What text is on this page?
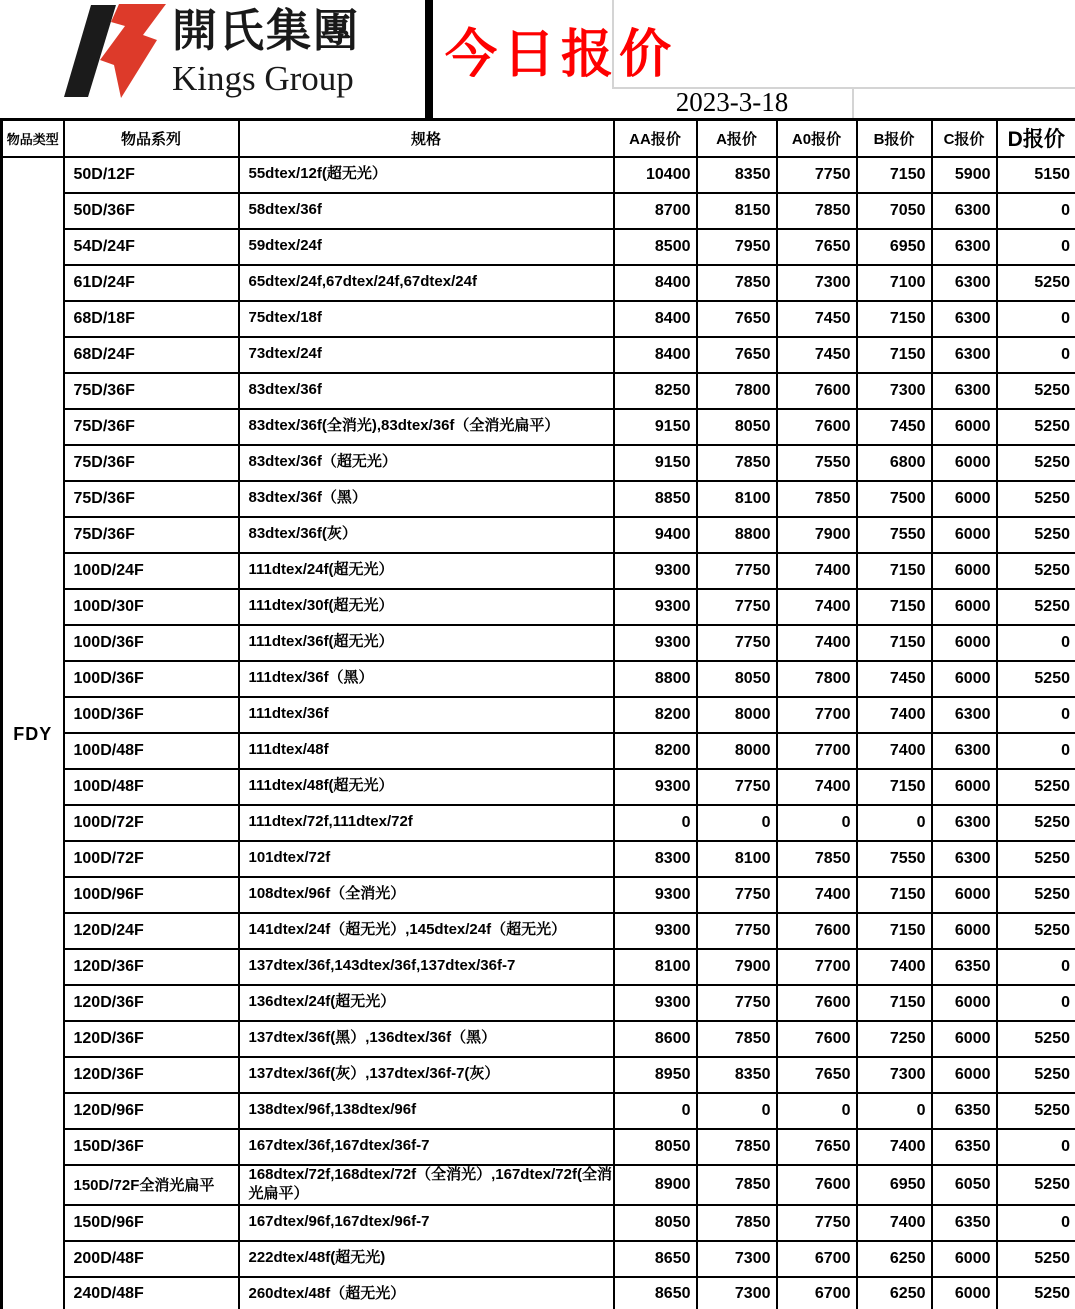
開氏集團
Kings Group	今日报价
2023-3-18
物品类型	物品系列	规格	AA报价	A报价	A0报价	B报价	C报价	D报价
FDY	50D/12F	55dtex/12f(超无光）	10400	8350	7750	7150	5900	5150
	50D/36F	58dtex/36f	8700	8150	7850	7050	6300	0
	54D/24F	59dtex/24f	8500	7950	7650	6950	6300	0
	61D/24F	65dtex/24f,67dtex/24f,67dtex/24f	8400	7850	7300	7100	6300	5250
	68D/18F	75dtex/18f	8400	7650	7450	7150	6300	0
	68D/24F	73dtex/24f	8400	7650	7450	7150	6300	0
	75D/36F	83dtex/36f	8250	7800	7600	7300	6300	5250
	75D/36F	83dtex/36f(全消光),83dtex/36f（全消光扁平）	9150	8050	7600	7450	6000	5250
	75D/36F	83dtex/36f（超无光）	9150	7850	7550	6800	6000	5250
	75D/36F	83dtex/36f（黑）	8850	8100	7850	7500	6000	5250
	75D/36F	83dtex/36f(灰）	9400	8800	7900	7550	6000	5250
	100D/24F	111dtex/24f(超无光）	9300	7750	7400	7150	6000	5250
	100D/30F	111dtex/30f(超无光）	9300	7750	7400	7150	6000	5250
	100D/36F	111dtex/36f(超无光）	9300	7750	7400	7150	6000	0
	100D/36F	111dtex/36f（黑）	8800	8050	7800	7450	6000	5250
	100D/36F	111dtex/36f	8200	8000	7700	7400	6300	0
	100D/48F	111dtex/48f	8200	8000	7700	7400	6300	0
	100D/48F	111dtex/48f(超无光）	9300	7750	7400	7150	6000	5250
	100D/72F	111dtex/72f,111dtex/72f	0	0	0	0	6300	5250
	100D/72F	101dtex/72f	8300	8100	7850	7550	6300	5250
	100D/96F	108dtex/96f（全消光）	9300	7750	7400	7150	6000	5250
	120D/24F	141dtex/24f（超无光）,145dtex/24f（超无光）	9300	7750	7600	7150	6000	5250
	120D/36F	137dtex/36f,143dtex/36f,137dtex/36f-7	8100	7900	7700	7400	6350	0
	120D/36F	136dtex/24f(超无光）	9300	7750	7600	7150	6000	0
	120D/36F	137dtex/36f(黑）,136dtex/36f（黑）	8600	7850	7600	7250	6000	5250
	120D/36F	137dtex/36f(灰）,137dtex/36f-7(灰）	8950	8350	7650	7300	6000	5250
	120D/96F	138dtex/96f,138dtex/96f	0	0	0	0	6350	5250
	150D/36F	167dtex/36f,167dtex/36f-7	8050	7850	7650	7400	6350	0
	150D/72F全消光扁平	168dtex/72f,168dtex/72f（全消光）,167dtex/72f(全消光扁平）	8900	7850	7600	6950	6050	5250
	150D/96F	167dtex/96f,167dtex/96f-7	8050	7850	7750	7400	6350	0
	200D/48F	222dtex/48f(超无光)	8650	7300	6700	6250	6000	5250
	240D/48F	260dtex/48f（超无光）	8650	7300	6700	6250	6000	5250
